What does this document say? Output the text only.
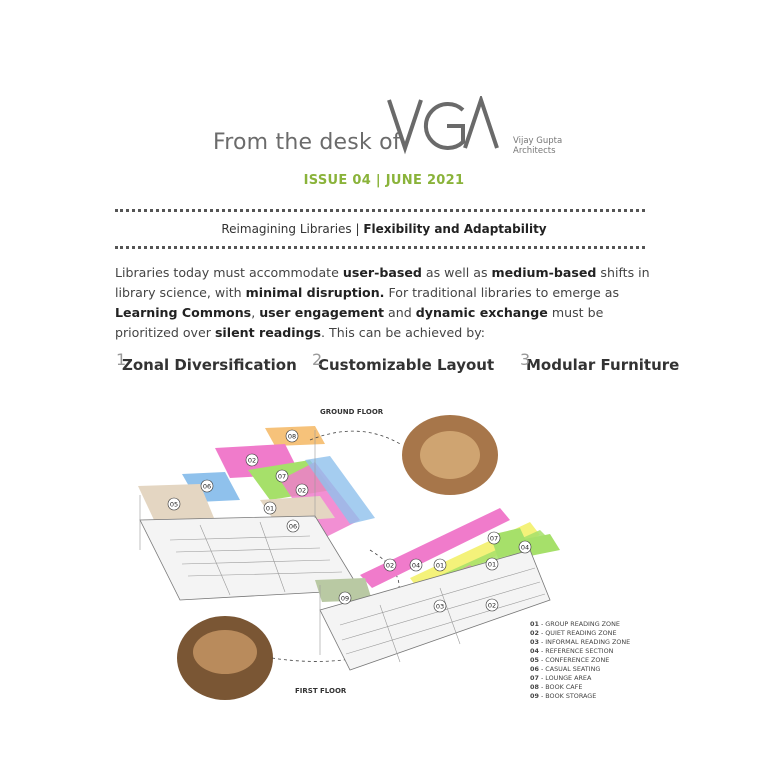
From the desk of	Vijay Gupta
Architects
ISSUE 04 | JUNE 2021
Reimagining Libraries | Flexibility and Adaptability
Libraries today must accommodate user-based as well as medium-based shifts in library science, with minimal disruption. For traditional libraries to emerge as Learning Commons, user engagement and dynamic exchange must be prioritized over silent readings. This can be achieved by:
1
Zonal Diversification 2
Customizable Layout 3
Modular Furniture
08
02
06
05	01
07
02
06
02	04 01	01
03
07
04
09
02
GROUND FLOOR
FIRST FLOOR
01 - GROUP READING ZONE
02 - QUIET READING ZONE
03 - INFORMAL READING ZONE
04 - REFERENCE SECTION
05 - CONFERENCE ZONE
06 - CASUAL SEATING
07 - LOUNGE AREA
08 - BOOK CAFE
09 - BOOK STORAGE
